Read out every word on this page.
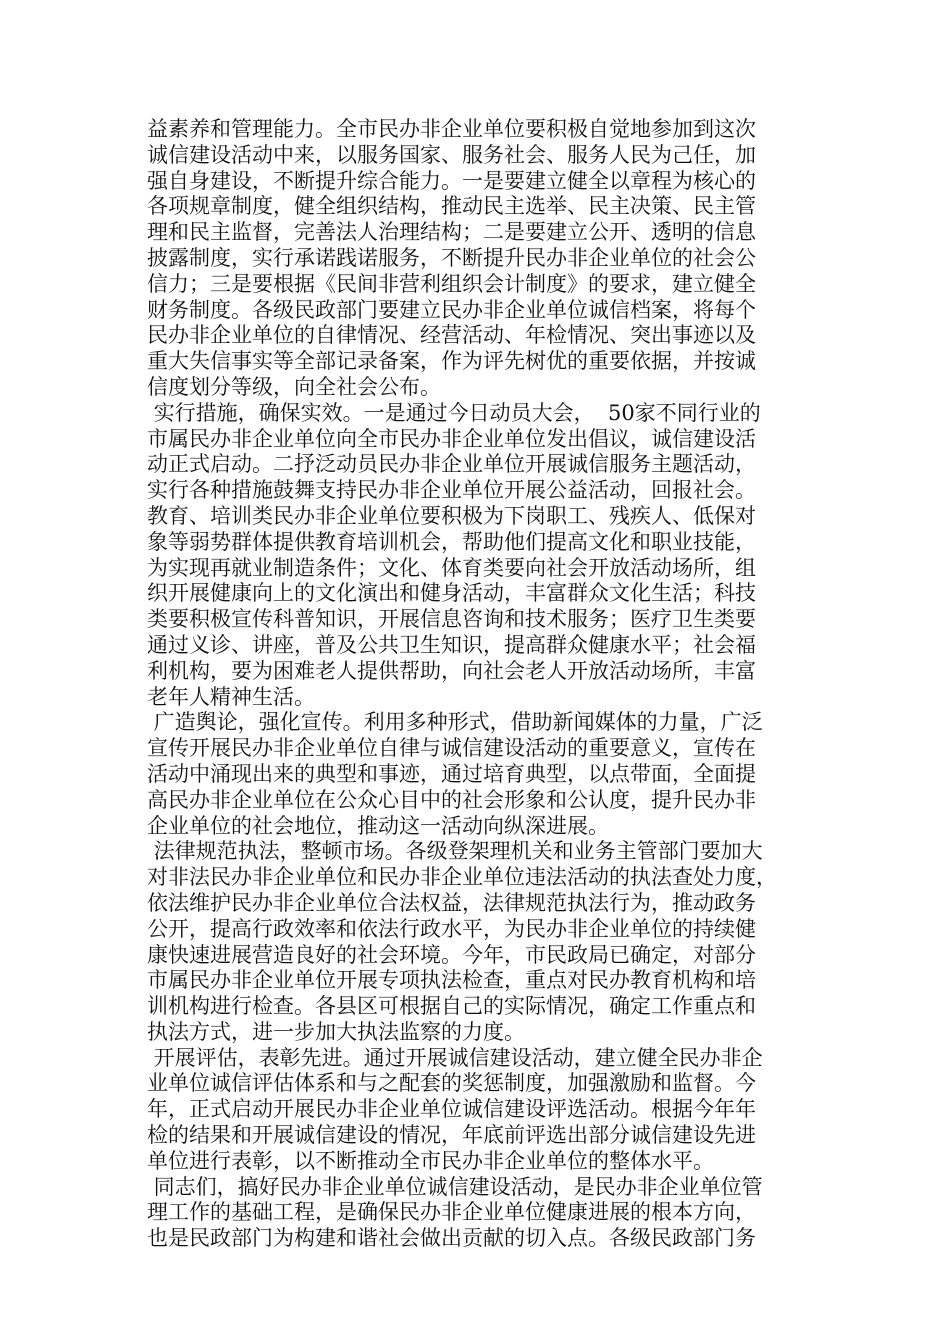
益素养和管理能力。全市民办非企业单位要积极自觉地参加到这次
诚信建设活动中来，以服务国家、服务社会、服务人民为己任，加
强自身建设，不断提升综合能力。一是要建立健全以章程为核心的
各项规章制度，健全组织结构，推动民主选举、民主决策、民主管
理和民主监督，完善法人治理结构；二是要建立公开、透明的信息
披露制度，实行承诺践诺服务，不断提升民办非企业单位的社会公
信力；三是要根据《民间非营利组织会计制度》的要求，建立健全
财务制度。各级民政部门要建立民办非企业单位诚信档案，将每个
民办非企业单位的自律情况、经营活动、年检情况、突出事迹以及
重大失信事实等全部记录备案，作为评先树优的重要依据，并按诚
信度划分等级，向全社会公布。
实行措施，确保实效。一是通过今日动员大会，  50家不同行业的
市属民办非企业单位向全市民办非企业单位发出倡议，诚信建设活
动正式启动。二抒泛动员民办非企业单位开展诚信服务主题活动，
实行各种措施鼓舞支持民办非企业单位开展公益活动，回报社会。
教育、培训类民办非企业单位要积极为下岗职工、残疾人、低保对
象等弱势群体提供教育培训机会，帮助他们提高文化和职业技能，
为实现再就业制造条件；文化、体育类要向社会开放活动场所，组
织开展健康向上的文化演出和健身活动，丰富群众文化生活；科技
类要积极宣传科普知识，开展信息咨询和技术服务；医疗卫生类要
通过义诊、讲座，普及公共卫生知识，提高群众健康水平；社会福
利机构，要为困难老人提供帮助，向社会老人开放活动场所，丰富
老年人精神生活。
广造舆论，强化宣传。利用多种形式，借助新闻媒体的力量，广泛
宣传开展民办非企业单位自律与诚信建设活动的重要意义，宣传在
活动中涌现出来的典型和事迹，通过培育典型，以点带面，全面提
高民办非企业单位在公众心目中的社会形象和公认度，提升民办非
企业单位的社会地位，推动这一活动向纵深进展。
法律规范执法，整顿市场。各级登架理机关和业务主管部门要加大
对非法民办非企业单位和民办非企业单位违法活动的执法查处力度，
依法维护民办非企业单位合法权益，法律规范执法行为，推动政务
公开，提高行政效率和依法行政水平，为民办非企业单位的持续健
康快速进展营造良好的社会环境。今年，市民政局已确定，对部分
市属民办非企业单位开展专项执法检查，重点对民办教育机构和培
训机构进行检查。各县区可根据自己的实际情况，确定工作重点和
执法方式，进一步加大执法监察的力度。
开展评估，表彰先进。通过开展诚信建设活动，建立健全民办非企
业单位诚信评估体系和与之配套的奖惩制度，加强激励和监督。今
年，正式启动开展民办非企业单位诚信建设评选活动。根据今年年
检的结果和开展诚信建设的情况，年底前评选出部分诚信建设先进
单位进行表彰，以不断推动全市民办非企业单位的整体水平。
同志们，搞好民办非企业单位诚信建设活动，是民办非企业单位管
理工作的基础工程，是确保民办非企业单位健康进展的根本方向，
也是民政部门为构建和谐社会做出贡献的切入点。各级民政部门务
